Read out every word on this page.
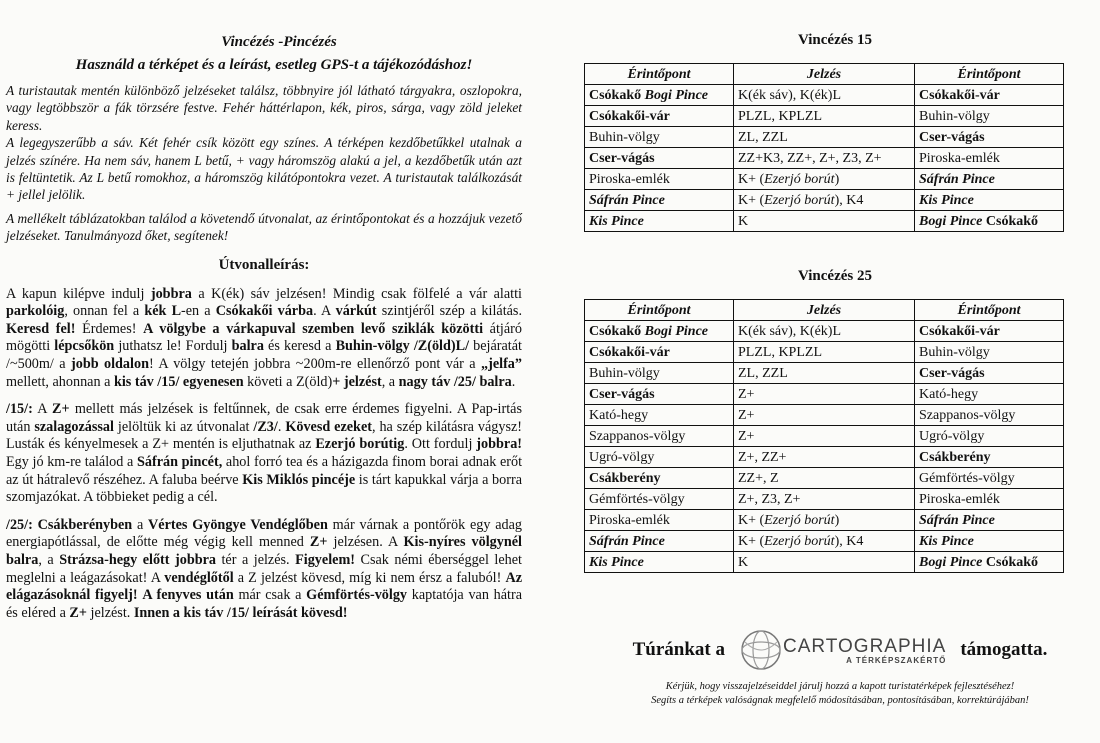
Vincézés -Pincézés
Használd a térképet és a leírást, esetleg GPS-t a tájékozódáshoz!

A turistautak mentén különböző jelzéseket találsz, többnyire jól látható tárgyakra, oszlopokra, vagy legtöbbször a fák törzsére festve. Fehér háttérlapon, kék, piros, sárga, vagy zöld jeleket keress.

A legegyszerűbb a sáv. Két fehér csík között egy színes. A térképen kezdőbetűkkel utalnak a jelzés színére. Ha nem sáv, hanem L betű, + vagy háromszög alakú a jel, a kezdőbetűk után azt is feltüntetik. Az L betű romokhoz, a háromszög kilátópontokra vezet. A turistautak találkozását + jellel jelölik.

A mellékelt táblázatokban találod a követendő útvonalat, az érintőpontokat és a hozzájuk vezető jelzéseket. Tanulmányozd őket, segítenek!

Útvonalleírás:

A kapun kilépve indulj jobbra a K(ék) sáv jelzésen! Mindig csak fölfelé a vár alatti parkolóig, onnan fel a kék L-en a Csókakői várba. A várkút szintjéről szép a kilátás. Keresd fel! Érdemes! A völgybe a várkapuval szemben levő sziklák közötti átjáró mögötti lépcsőkön juthatsz le! Fordulj balra és keresd a Buhin-völgy /Z(öld)L/ bejáratát /~500m/ a jobb oldalon! A völgy tetején jobbra ~200m-re ellenőrző pont vár a „jelfa” mellett, ahonnan a kis táv /15/ egyenesen követi a Z(öld)+ jelzést, a nagy táv /25/ balra.

/15/: A Z+ mellett más jelzések is feltűnnek, de csak erre érdemes figyelni. A Pap-irtás után szalagozással jelöltük ki az útvonalat /Z3/. Kövesd ezeket, ha szép kilátásra vágysz! Lusták és kényelmesek a Z+ mentén is eljuthatnak az Ezerjó borútig. Ott fordulj jobbra! Egy jó km-re találod a Sáfrán pincét, ahol forró tea és a házigazda finom borai adnak erőt az út hátralevő részéhez. A faluba beérve Kis Miklós pincéje is tárt kapukkal várja a borra szomjazókat. A többieket pedig a cél.

/25/: Csákberényben a Vértes Gyöngye Vendéglőben már várnak a pontőrök egy adag energiapótlással, de előtte még végig kell menned Z+ jelzésen. A Kis-nyíres völgynél balra, a Strázsa-hegy előtt jobbra tér a jelzés. Figyelem! Csak némi éberséggel lehet meglelni a leágazásokat! A vendéglőtől a Z jelzést kövesd, míg ki nem érsz a faluból! Az elágazásoknál figyelj! A fenyves után már csak a Gémförtés-völgy kaptatója van hátra és eléred a Z+ jelzést. Innen a kis táv /15/ leírását kövesd!

Vincézés 15
Érintőpont	Jelzés	Érintőpont
Csókakő Bogi Pince	K(ék sáv), K(ék)L	Csókakői-vár
Csókakői-vár	PLZL, KPLZL	Buhin-völgy
Buhin-völgy	ZL, ZZL	Cser-vágás
Cser-vágás	ZZ+K3, ZZ+, Z+, Z3, Z+	Piroska-emlék
Piroska-emlék	K+ (Ezerjó borút)	Sáfrán Pince
Sáfrán Pince	K+ (Ezerjó borút), K4	Kis Pince
Kis Pince	K	Bogi Pince Csókakő
Vincézés 25
Érintőpont	Jelzés	Érintőpont
Csókakő Bogi Pince	K(ék sáv), K(ék)L	Csókakői-vár
Csókakői-vár	PLZL, KPLZL	Buhin-völgy
Buhin-völgy	ZL, ZZL	Cser-vágás
Cser-vágás	Z+	Kató-hegy
Kató-hegy	Z+	Szappanos-völgy
Szappanos-völgy	Z+	Ugró-völgy
Ugró-völgy	Z+, ZZ+	Csákberény
Csákberény	ZZ+, Z	Gémförtés-völgy
Gémförtés-völgy	Z+, Z3, Z+	Piroska-emlék
Piroska-emlék	K+ (Ezerjó borút)	Sáfrán Pince
Sáfrán Pince	K+ (Ezerjó borút), K4	Kis Pince
Kis Pince	K	Bogi Pince Csókakő
Túránkat a	CARTOGRAPHIA
A TÉRKÉPSZAKÉRTŐ támogatta.
Kérjük, hogy visszajelzéseiddel járulj hozzá a kapott turistatérképek fejlesztéséhez!
Segíts a térképek valóságnak megfelelő módosításában, pontosításában, korrektúrájában!
